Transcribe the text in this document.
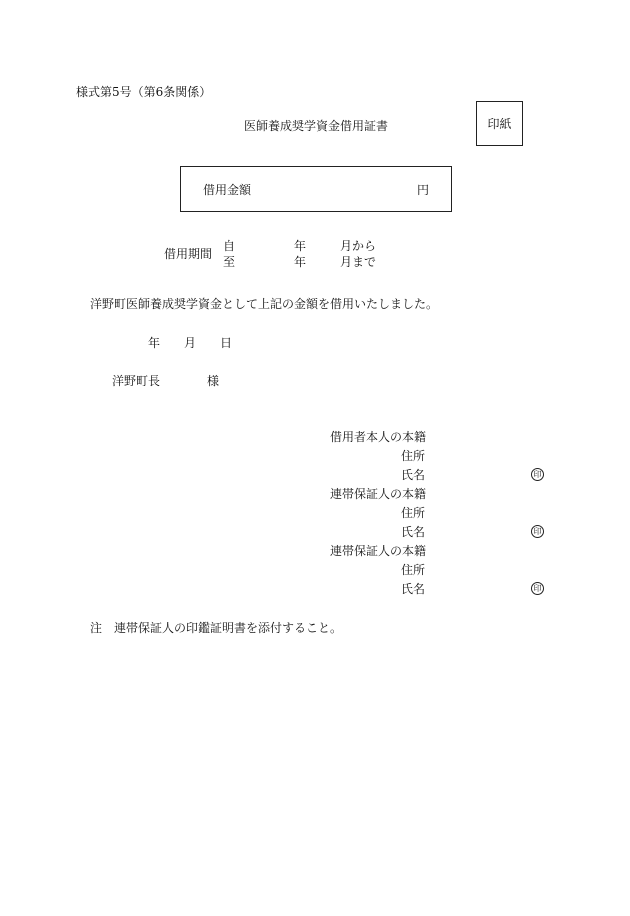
様式第5号（第6条関係）
医師養成奨学資金借用証書	印紙
借用金額	円
借用期間
自	年	月から
至	年	月まで
洋野町医師養成奨学資金として上記の金額を借用いたしました。
年 月 日
洋野町長	様
借用者本人の本籍
住所
氏名	印
連帯保証人の本籍
住所
氏名	印
連帯保証人の本籍
住所
氏名	印
注 連帯保証人の印鑑証明書を添付すること。
